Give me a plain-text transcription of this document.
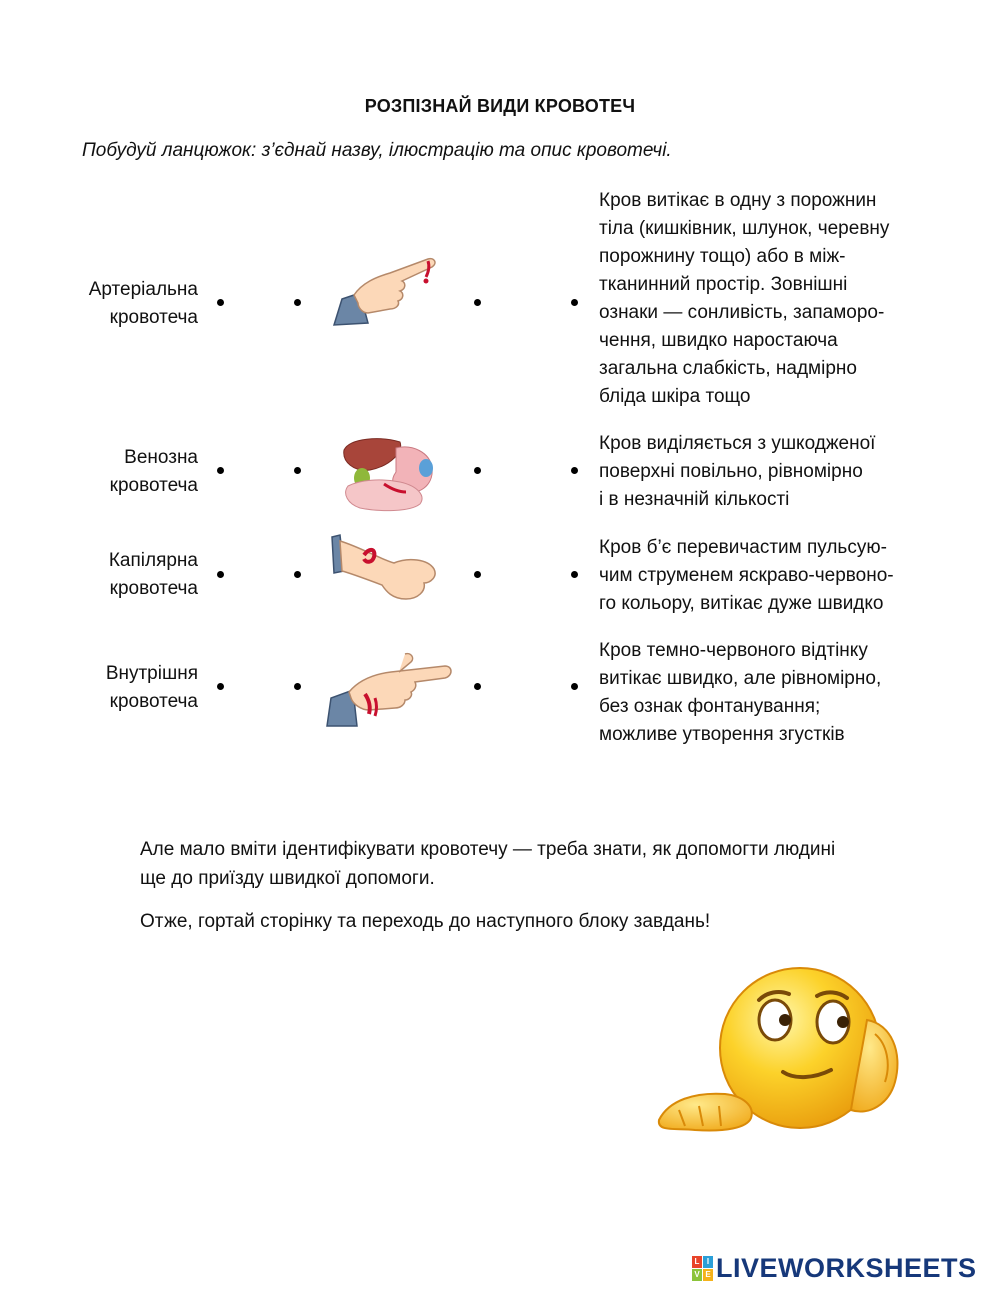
РОЗПІЗНАЙ ВИДИ КРОВОТЕЧ
Побудуй ланцюжок: з’єднай назву, ілюстрацію та опис кровотечі.
Артеріальна
кровотеча
Кров витікає в одну з порожнин
тіла (кишківник, шлунок, черевну
порожнину тощо) або в між-
тканинний простір. Зовнішні
ознаки — сонливість, запаморо-
чення, швидко наростаюча
загальна слабкість, надмірно
бліда шкіра тощо
Венозна
кровотеча
Кров виділяється з ушкодженої
поверхні повільно, рівномірно
і в незначній кількості
Капілярна
кровотеча
Кров б’є перевичастим пульсую-
чим струменем яскраво-червоно-
го кольору, витікає дуже швидко
Внутрішня
кровотеча
Кров темно-червоного відтінку
витікає швидко, але рівномірно,
без ознак фонтанування;
можливе утворення згустків
Але мало вміти ідентифікувати кровотечу — треба знати, як допомогти людині
ще до приїзду швидкої допомоги.
Отже, гортай сторінку та переходь до наступного блоку завдань!
L I
V E LIVEWORKSHEETS
